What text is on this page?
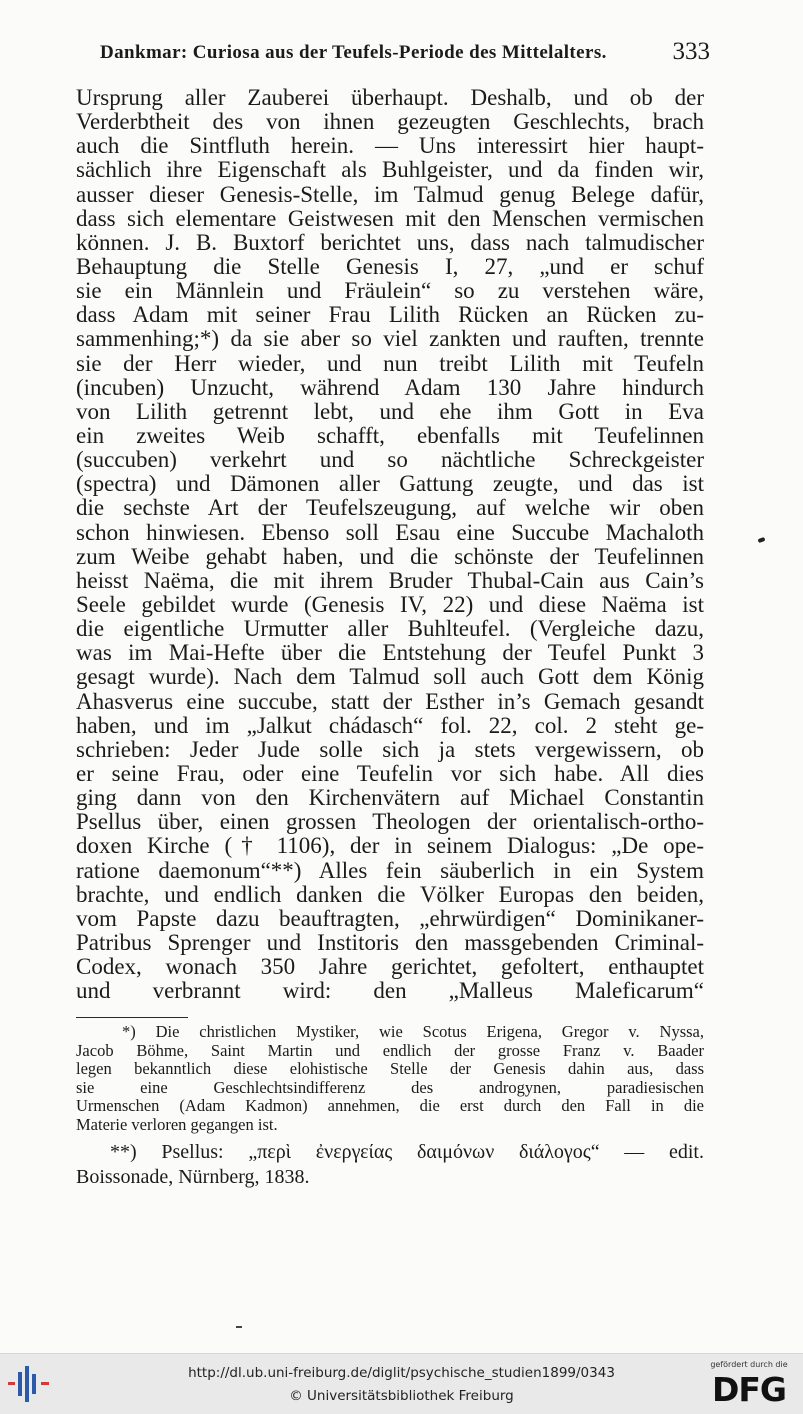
Dankmar: Curiosa aus der Teufels-Periode des Mittelalters.	333
Ursprung aller Zauberei überhaupt. Deshalb, und ob der
Verderbtheit des von ihnen gezeugten Geschlechts, brach
auch die Sintfluth herein. — Uns interessirt hier haupt-
sächlich ihre Eigenschaft als Buhlgeister, und da finden wir,
ausser dieser Genesis-Stelle, im Talmud genug Belege dafür,
dass sich elementare Geistwesen mit den Menschen vermischen
können. J. B. Buxtorf berichtet uns, dass nach talmudischer
Behauptung die Stelle Genesis I, 27, „und er schuf
sie ein Männlein und Fräulein“ so zu verstehen wäre,
dass Adam mit seiner Frau Lilith Rücken an Rücken zu-
sammenhing;*) da sie aber so viel zankten und rauften, trennte
sie der Herr wieder, und nun treibt Lilith mit Teufeln
(incuben) Unzucht, während Adam 130 Jahre hindurch
von Lilith getrennt lebt, und ehe ihm Gott in Eva
ein zweites Weib schafft, ebenfalls mit Teufelinnen
(succuben) verkehrt und so nächtliche Schreckgeister
(spectra) und Dämonen aller Gattung zeugte, und das ist
die sechste Art der Teufelszeugung, auf welche wir oben
schon hinwiesen. Ebenso soll Esau eine Succube Machaloth
zum Weibe gehabt haben, und die schönste der Teufelinnen
heisst Naëma, die mit ihrem Bruder Thubal-Cain aus Cain’s
Seele gebildet wurde (Genesis IV, 22) und diese Naëma ist
die eigentliche Urmutter aller Buhlteufel. (Vergleiche dazu,
was im Mai-Hefte über die Entstehung der Teufel Punkt 3
gesagt wurde). Nach dem Talmud soll auch Gott dem König
Ahasverus eine succube, statt der Esther in’s Gemach gesandt
haben, und im „Jalkut chádasch“ fol. 22, col. 2 steht ge-
schrieben: Jeder Jude solle sich ja stets vergewissern, ob
er seine Frau, oder eine Teufelin vor sich habe. All dies
ging dann von den Kirchenvätern auf Michael Constantin
Psellus über, einen grossen Theologen der orientalisch-ortho-
doxen Kirche († 1106), der in seinem Dialogus: „De ope-
ratione daemonum“**) Alles fein säuberlich in ein System
brachte, und endlich danken die Völker Europas den beiden,
vom Papste dazu beauftragten, „ehrwürdigen“ Dominikaner-
Patribus Sprenger und Institoris den massgebenden Criminal-
Codex, wonach 350 Jahre gerichtet, gefoltert, enthauptet
und verbrannt wird: den „Malleus Maleficarum“
*) Die christlichen Mystiker, wie Scotus Erigena, Gregor v. Nyssa,
Jacob Böhme, Saint Martin und endlich der grosse Franz v. Baader
legen bekanntlich diese elohistische Stelle der Genesis dahin aus, dass
sie eine Geschlechtsindifferenz des androgynen, paradiesischen
Urmenschen (Adam Kadmon) annehmen, die erst durch den Fall in die
Materie verloren gegangen ist.
**) Psellus: „περὶ ἐνεργείας δαιμόνων διάλογος“ — edit.
Boissonade, Nürnberg, 1838.
http://dl.ub.uni-freiburg.de/diglit/psychische_studien1899/0343
© Universitätsbibliothek Freiburg
gefördert durch die
DFG
